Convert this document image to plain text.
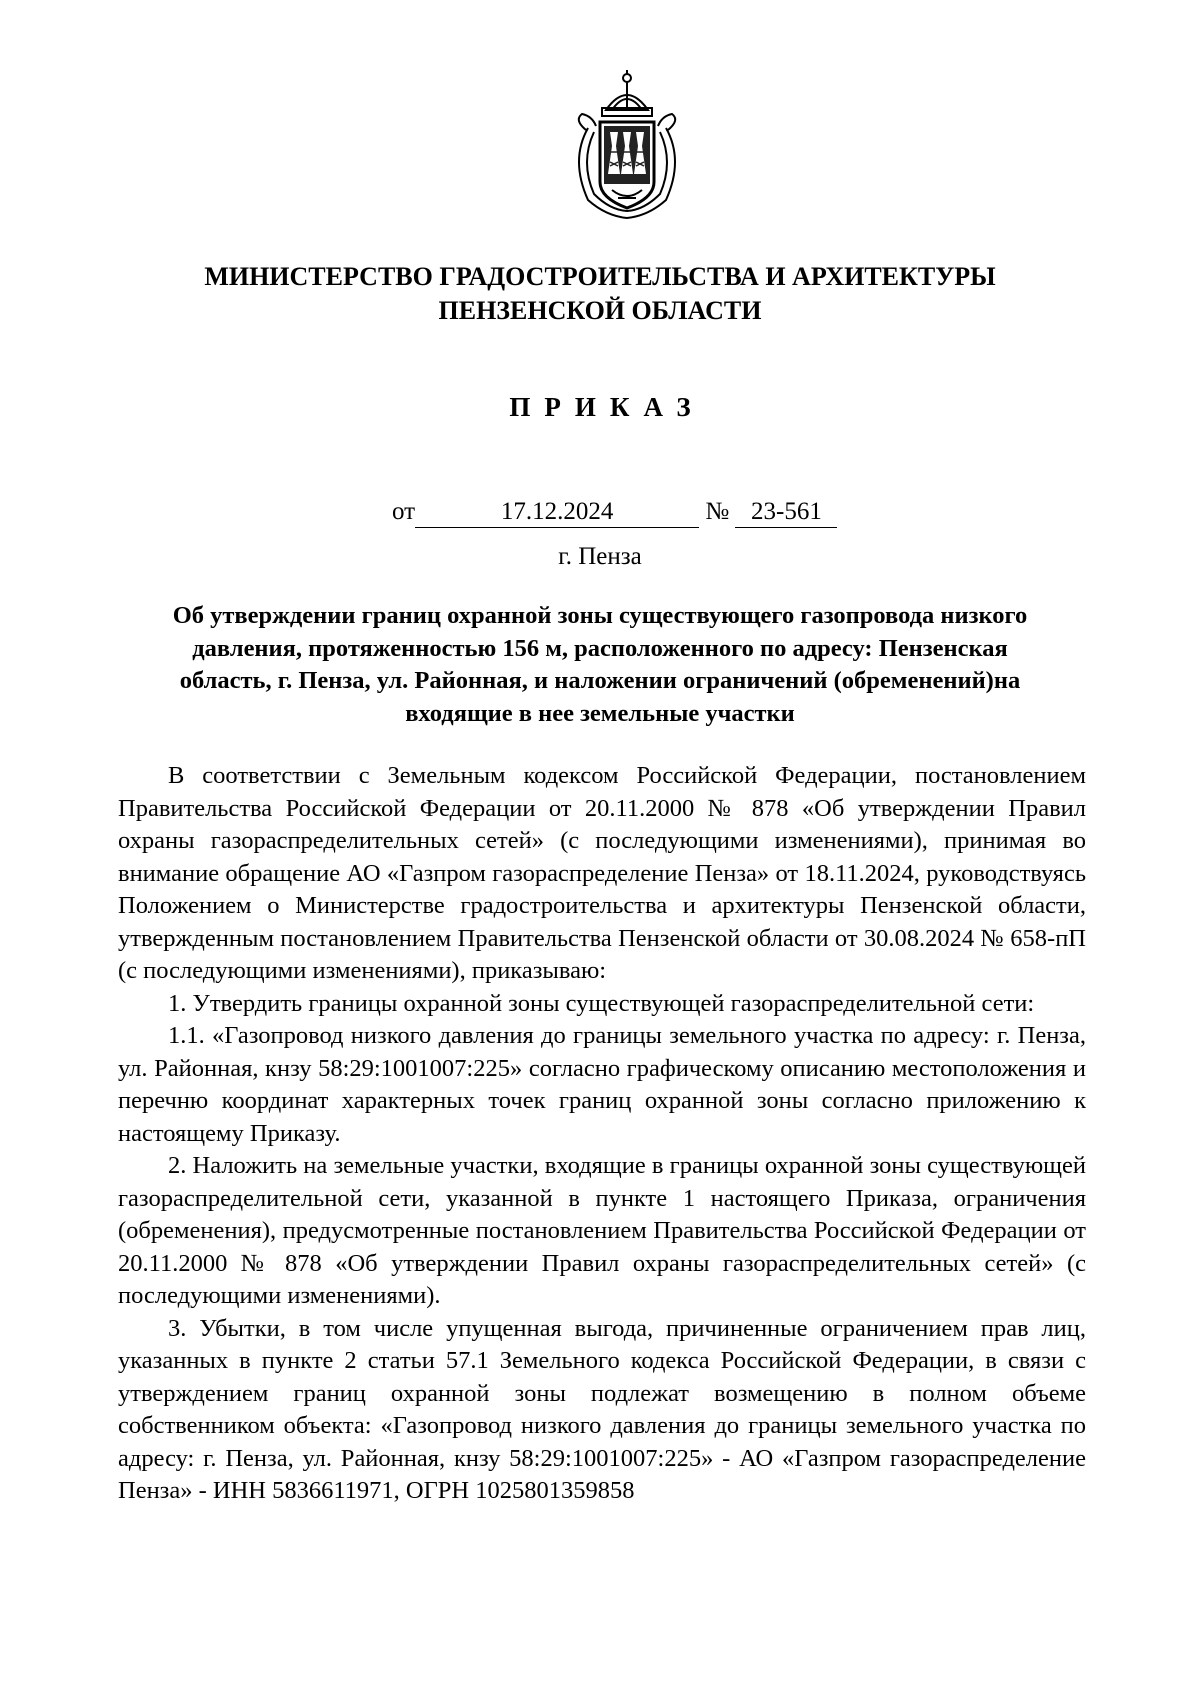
МИНИСТЕРСТВО ГРАДОСТРОИТЕЛЬСТВА И АРХИТЕКТУРЫ
ПЕНЗЕНСКОЙ ОБЛАСТИ
ПРИКАЗ
от	17.12.2024	№ 23-561
г. Пенза
Об утверждении границ охранной зоны существующего газопровода низкого давления, протяженностью 156 м, расположенного по адресу: Пензенская область, г. Пенза, ул. Районная, и наложении ограничений (обременений)на входящие в нее земельные участки

В соответствии с Земельным кодексом Российской Федерации, постановлением Правительства Российской Федерации от 20.11.2000 № 878 «Об утверждении Правил охраны газораспределительных сетей» (с последующими изменениями), принимая во внимание обращение АО «Газпром газораспределение Пенза» от 18.11.2024, руководствуясь Положением о Министерстве градостроительства и архитектуры Пензенской области, утвержденным постановлением Правительства Пензенской области от 30.08.2024 № 658-пП (с последующими изменениями), приказываю:

1. Утвердить границы охранной зоны существующей газораспределительной сети:

1.1. «Газопровод низкого давления до границы земельного участка по адресу: г. Пенза, ул. Районная, кнзу 58:29:1001007:225» согласно графическому описанию местоположения и перечню координат характерных точек границ охранной зоны согласно приложению к настоящему Приказу.

2. Наложить на земельные участки, входящие в границы охранной зоны существующей газораспределительной сети, указанной в пункте 1 настоящего Приказа, ограничения (обременения), предусмотренные постановлением Правительства Российской Федерации от 20.11.2000 № 878 «Об утверждении Правил охраны газораспределительных сетей» (с последующими изменениями).

3. Убытки, в том числе упущенная выгода, причиненные ограничением прав лиц, указанных в пункте 2 статьи 57.1 Земельного кодекса Российской Федерации, в связи с утверждением границ охранной зоны подлежат возмещению в полном объеме собственником объекта: «Газопровод низкого давления до границы земельного участка по адресу: г. Пенза, ул. Районная, кнзу 58:29:1001007:225» - АО «Газпром газораспределение Пенза» - ИНН 5836611971, ОГРН 1025801359858
